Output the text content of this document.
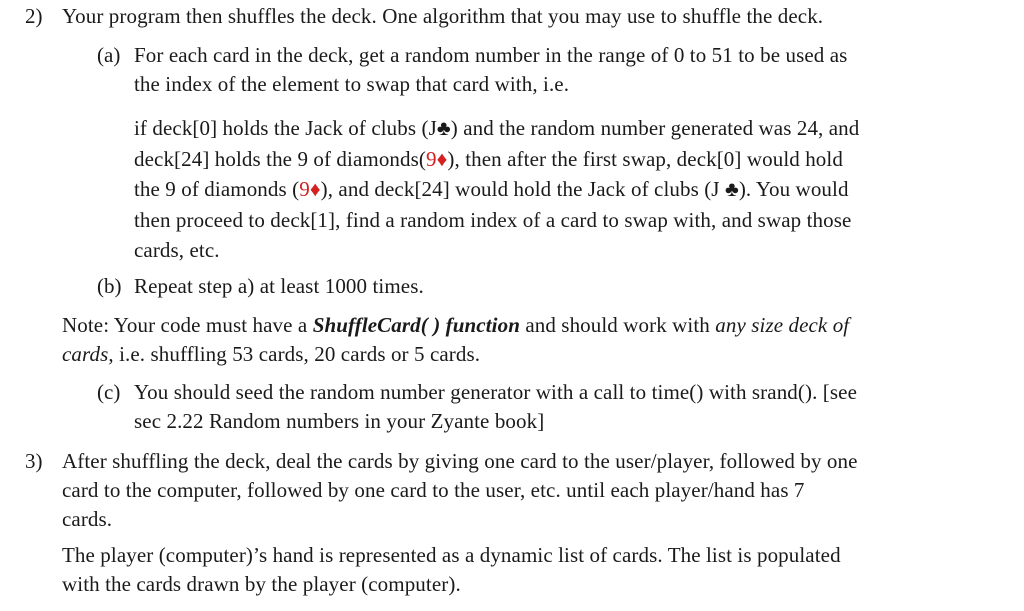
2) Your program then shuffles the deck. One algorithm that you may use to shuffle the deck.
(a) For each card in the deck, get a random number in the range of 0 to 51 to be used as
the index of the element to swap that card with, i.e.
if deck[0] holds the Jack of clubs (J♣) and the random number generated was 24, and
deck[24] holds the 9 of diamonds(9♦), then after the first swap, deck[0] would hold
the 9 of diamonds (9♦), and deck[24] would hold the Jack of clubs (J ♣). You would
then proceed to deck[1], find a random index of a card to swap with, and swap those
cards, etc.
(b) Repeat step a) at least 1000 times.
Note: Your code must have a ShuffleCard( ) function and should work with any size deck of
cards, i.e. shuffling 53 cards, 20 cards or 5 cards.
(c) You should seed the random number generator with a call to time() with srand(). [see
sec 2.22 Random numbers in your Zyante book]
3) After shuffling the deck, deal the cards by giving one card to the user/player, followed by one
card to the computer, followed by one card to the user, etc. until each player/hand has 7
cards.
The player (computer)’s hand is represented as a dynamic list of cards. The list is populated
with the cards drawn by the player (computer).
